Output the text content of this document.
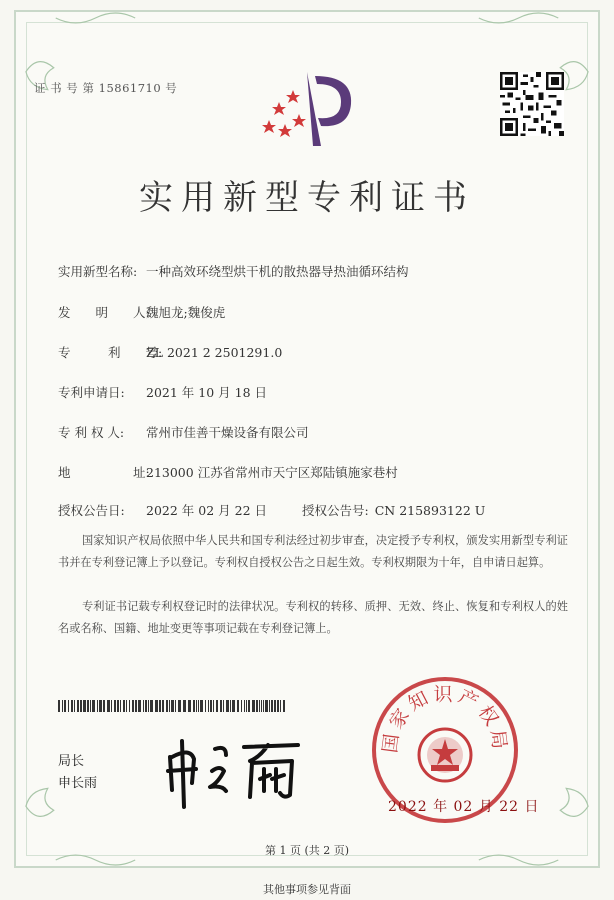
证 书 号 第 15861710 号
实用新型专利证书
实用新型名称: 一种高效环绕型烘干机的散热器导热油循环结构
发　　明　　人:魏旭龙;魏俊虎
专　　　利　　号:ZL 2021 2 2501291.0
专利申请日: 2021 年 10 月 18 日
专 利 权 人: 常州市佳善干燥设备有限公司
地　　　　　址:213000 江苏省常州市天宁区郑陆镇施家巷村
授权公告日: 2022 年 02 月 22 日	授权公告号: CN 215893122 U
国家知识产权局依照中华人民共和国专利法经过初步审查，决定授予专利权，颁发实用新型专利证书并在专利登记簿上予以登记。专利权自授权公告之日起生效。专利权期限为十年，自申请日起算。
专利证书记载专利权登记时的法律状况。专利权的转移、质押、无效、终止、恢复和专利权人的姓名或名称、国籍、地址变更等事项记载在专利登记簿上。
局长
申长雨
国家知识产权局
2022 年 02 月 22 日
第 1 页 (共 2 页)
其他事项参见背面
